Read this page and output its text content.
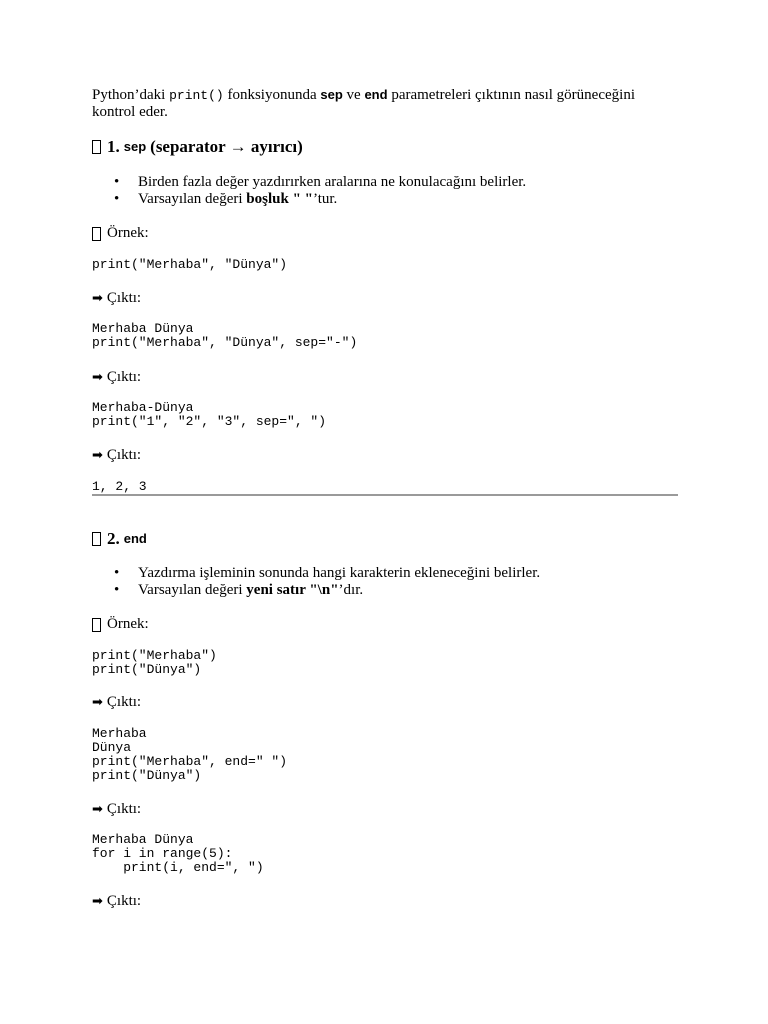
Python’daki print() fonksiyonunda sep ve end parametreleri çıktının nasıl görüneceğini kontrol eder.

1. sep (separator → ayırıcı)
• Birden fazla değer yazdırırken aralarına ne konulacağını belirler.
• Varsayılan değeri boşluk " "’tur.

Örnek:

print("Merhaba", "Dünya")

➡ Çıktı:

Merhaba Dünya
print("Merhaba", "Dünya", sep="-")

➡ Çıktı:

Merhaba-Dünya
print("1", "2", "3", sep=", ")

➡ Çıktı:

1, 2, 3
2. end
• Yazdırma işleminin sonunda hangi karakterin ekleneceğini belirler.
• Varsayılan değeri yeni satır "\n"’dır.

Örnek:

print("Merhaba")
print("Dünya")

➡ Çıktı:

Merhaba
Dünya
print("Merhaba", end=" ")
print("Dünya")

➡ Çıktı:

Merhaba Dünya
for i in range(5):
print(i, end=", ")

➡ Çıktı:
